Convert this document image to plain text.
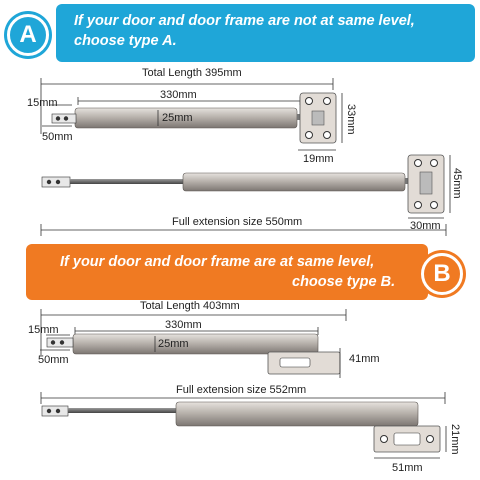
A	If your door and door frame are not at same level,
choose type A.
Total Length 395mm
330mm
25mm
15mm
50mm
33mm
19mm
45mm
30mm
Full extension size 550mm
If your door and door frame are at same level,
choose type B.	B
Total Length 403mm
330mm
25mm
15mm
50mm	41mm
Full extension size 552mm
21mm
51mm
